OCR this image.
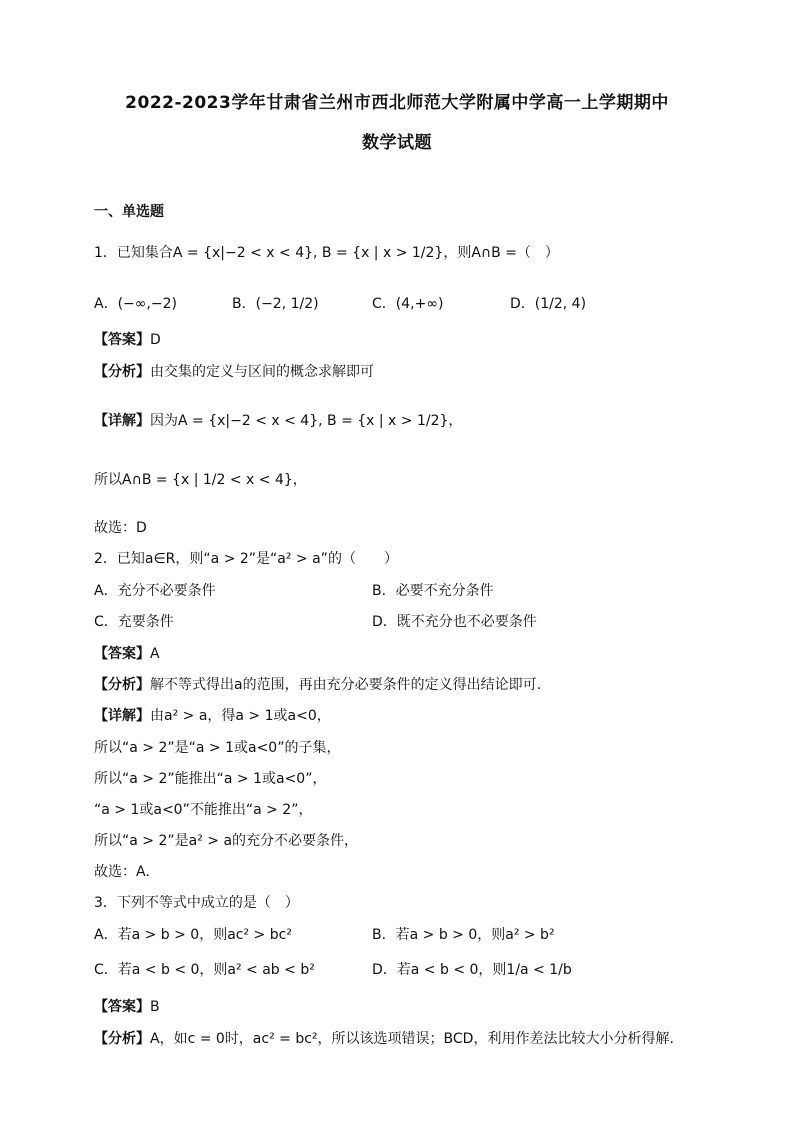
2022-2023学年甘肃省兰州市西北师范大学附属中学高一上学期期中
数学试题
一、单选题
1．已知集合A = {x|−2 < x < 4}, B = {x | x > 1/2}，则A∩B =（　）
A．(−∞,−2)	B．(−2, 1/2)	C．(4,+∞)	D．(1/2, 4)
【答案】D
【分析】由交集的定义与区间的概念求解即可
【详解】因为A = {x|−2 < x < 4}, B = {x | x > 1/2}，
所以A∩B = {x | 1/2 < x < 4}，
故选：D
2．已知a∈R，则“a > 2”是“a² > a”的（　　）
A．充分不必要条件	B．必要不充分条件
C．充要条件	D．既不充分也不必要条件
【答案】A
【分析】解不等式得出a的范围，再由充分必要条件的定义得出结论即可.
【详解】由a² > a，得a > 1或a<0，
所以“a > 2”是“a > 1或a<0”的子集，
所以“a > 2”能推出“a > 1或a<0”，
“a > 1或a<0”不能推出“a > 2”，
所以“a > 2”是a² > a的充分不必要条件，
故选：A.
3．下列不等式中成立的是（　）
A．若a > b > 0，则ac² > bc²	B．若a > b > 0，则a² > b²
C．若a < b < 0，则a² < ab < b²	D．若a < b < 0，则1/a < 1/b
【答案】B
【分析】A，如c = 0时，ac² = bc²，所以该选项错误；BCD，利用作差法比较大小分析得解.
